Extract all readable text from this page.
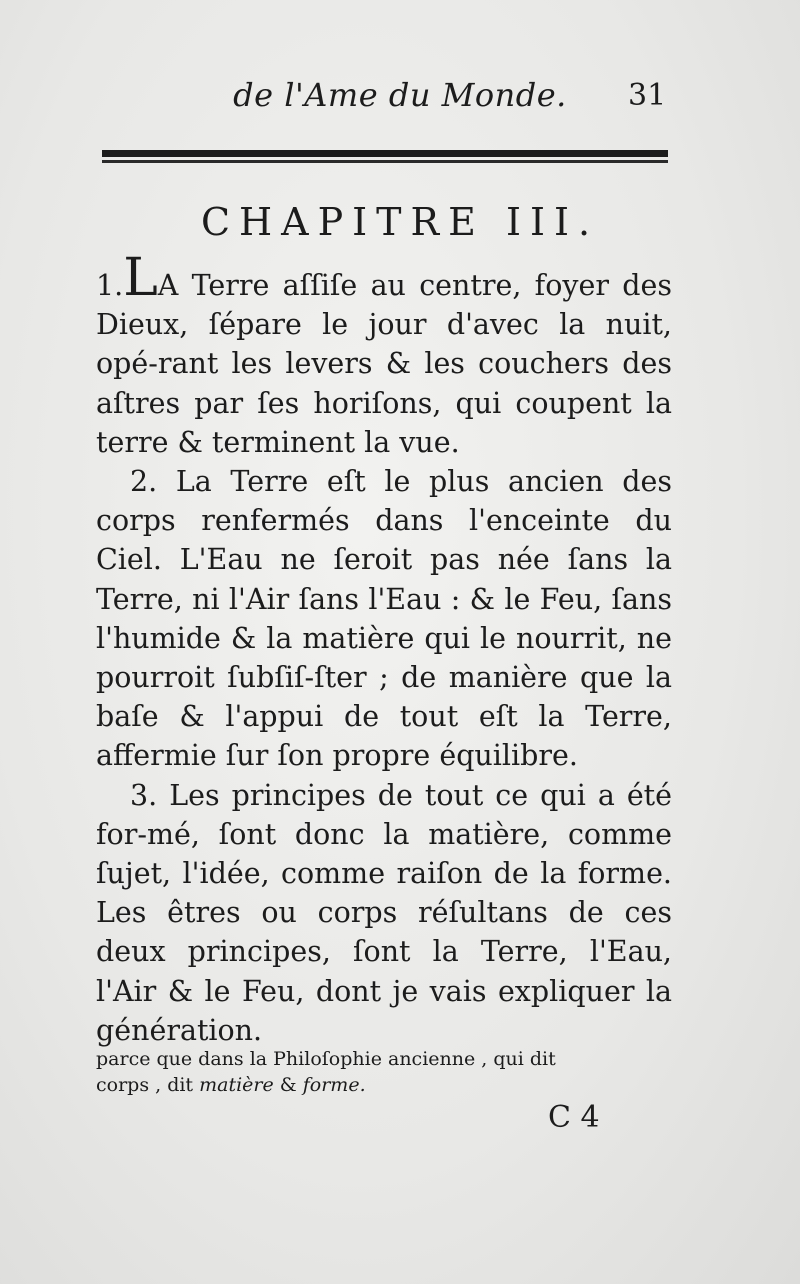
de l'Ame du Monde.	31
CHAPITRE III.

1.LA Terre aſſiſe au centre, foyer des Dieux, ſépare le jour d'avec la nuit, opé-rant les levers & les couchers des aſtres par ſes horiſons, qui coupent la terre & terminent la vue.

2. La Terre eſt le plus ancien des corps renfermés dans l'enceinte du Ciel. L'Eau ne ſeroit pas née ſans la Terre, ni l'Air ſans l'Eau : & le Feu, ſans l'humide & la matière qui le nourrit, ne pourroit ſubſiſ-ſter ; de manière que la baſe & l'appui de tout eſt la Terre, affermie ſur ſon propre équilibre.

3. Les principes de tout ce qui a été for-mé, ſont donc la matière, comme ſujet, l'idée, comme raiſon de la forme. Les êtres ou corps réſultans de ces deux principes, ſont la Terre, l'Eau, l'Air & le Feu, dont je vais expliquer la génération.

parce que dans la Philoſophie ancienne , qui dit
corps , dit matière & forme.
C 4
